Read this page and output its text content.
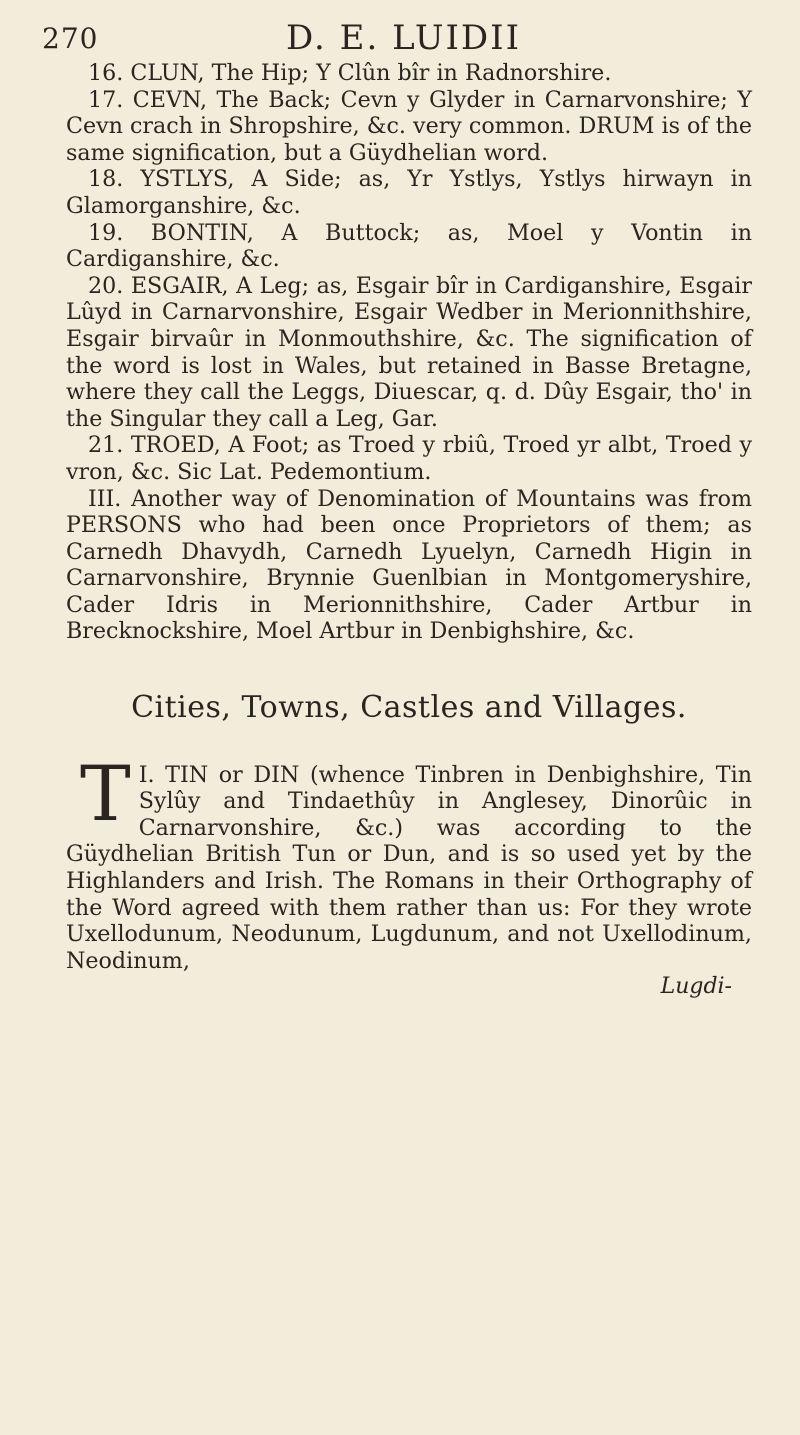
270	D. E. LUIDII

16. CLUN, The Hip; Y Clûn bîr in Radnorshire.

17. CEVN, The Back; Cevn y Glyder in Carnarvonshire; Y Cevn crach in Shropshire, &c. very common. DRUM is of the same signification, but a Güydhelian word.

18. YSTLYS, A Side; as, Yr Ystlys, Ystlys hirwayn in Glamorganshire, &c.

19. BONTIN, A Buttock; as, Moel y Vontin in Cardiganshire, &c.

20. ESGAIR, A Leg; as, Esgair bîr in Cardiganshire, Esgair Lûyd in Carnarvonshire, Esgair Wedber in Merionnithshire, Esgair birvaûr in Monmouthshire, &c. The signification of the word is lost in Wales, but retained in Basse Bretagne, where they call the Leggs, Diuescar, q. d. Dûy Esgair, tho' in the Singular they call a Leg, Gar.

21. TROED, A Foot; as Troed y rbiû, Troed yr albt, Troed y vron, &c. Sic Lat. Pedemontium.

III. Another way of Denomination of Mountains was from PERSONS who had been once Proprietors of them; as Carnedh Dhavydh, Carnedh Lyuelyn, Carnedh Higin in Carnarvonshire, Brynnie Guenlbian in Montgomeryshire, Cader Idris in Merionnithshire, Cader Artbur in Brecknockshire, Moel Artbur in Denbighshire, &c.

Cities, Towns, Castles and Villages.

T I. TIN or DIN (whence Tinbren in Denbighshire, Tin Sylûy and Tindaethûy in Anglesey, Dinorûic in Carnarvonshire, &c.) was according to the Güydhelian British Tun or Dun, and is so used yet by the Highlanders and Irish. The Romans in their Orthography of the Word agreed with them rather than us: For they wrote Uxellodunum, Neodunum, Lugdunum, and not Uxellodinum, Neodinum,

Lugdi-
